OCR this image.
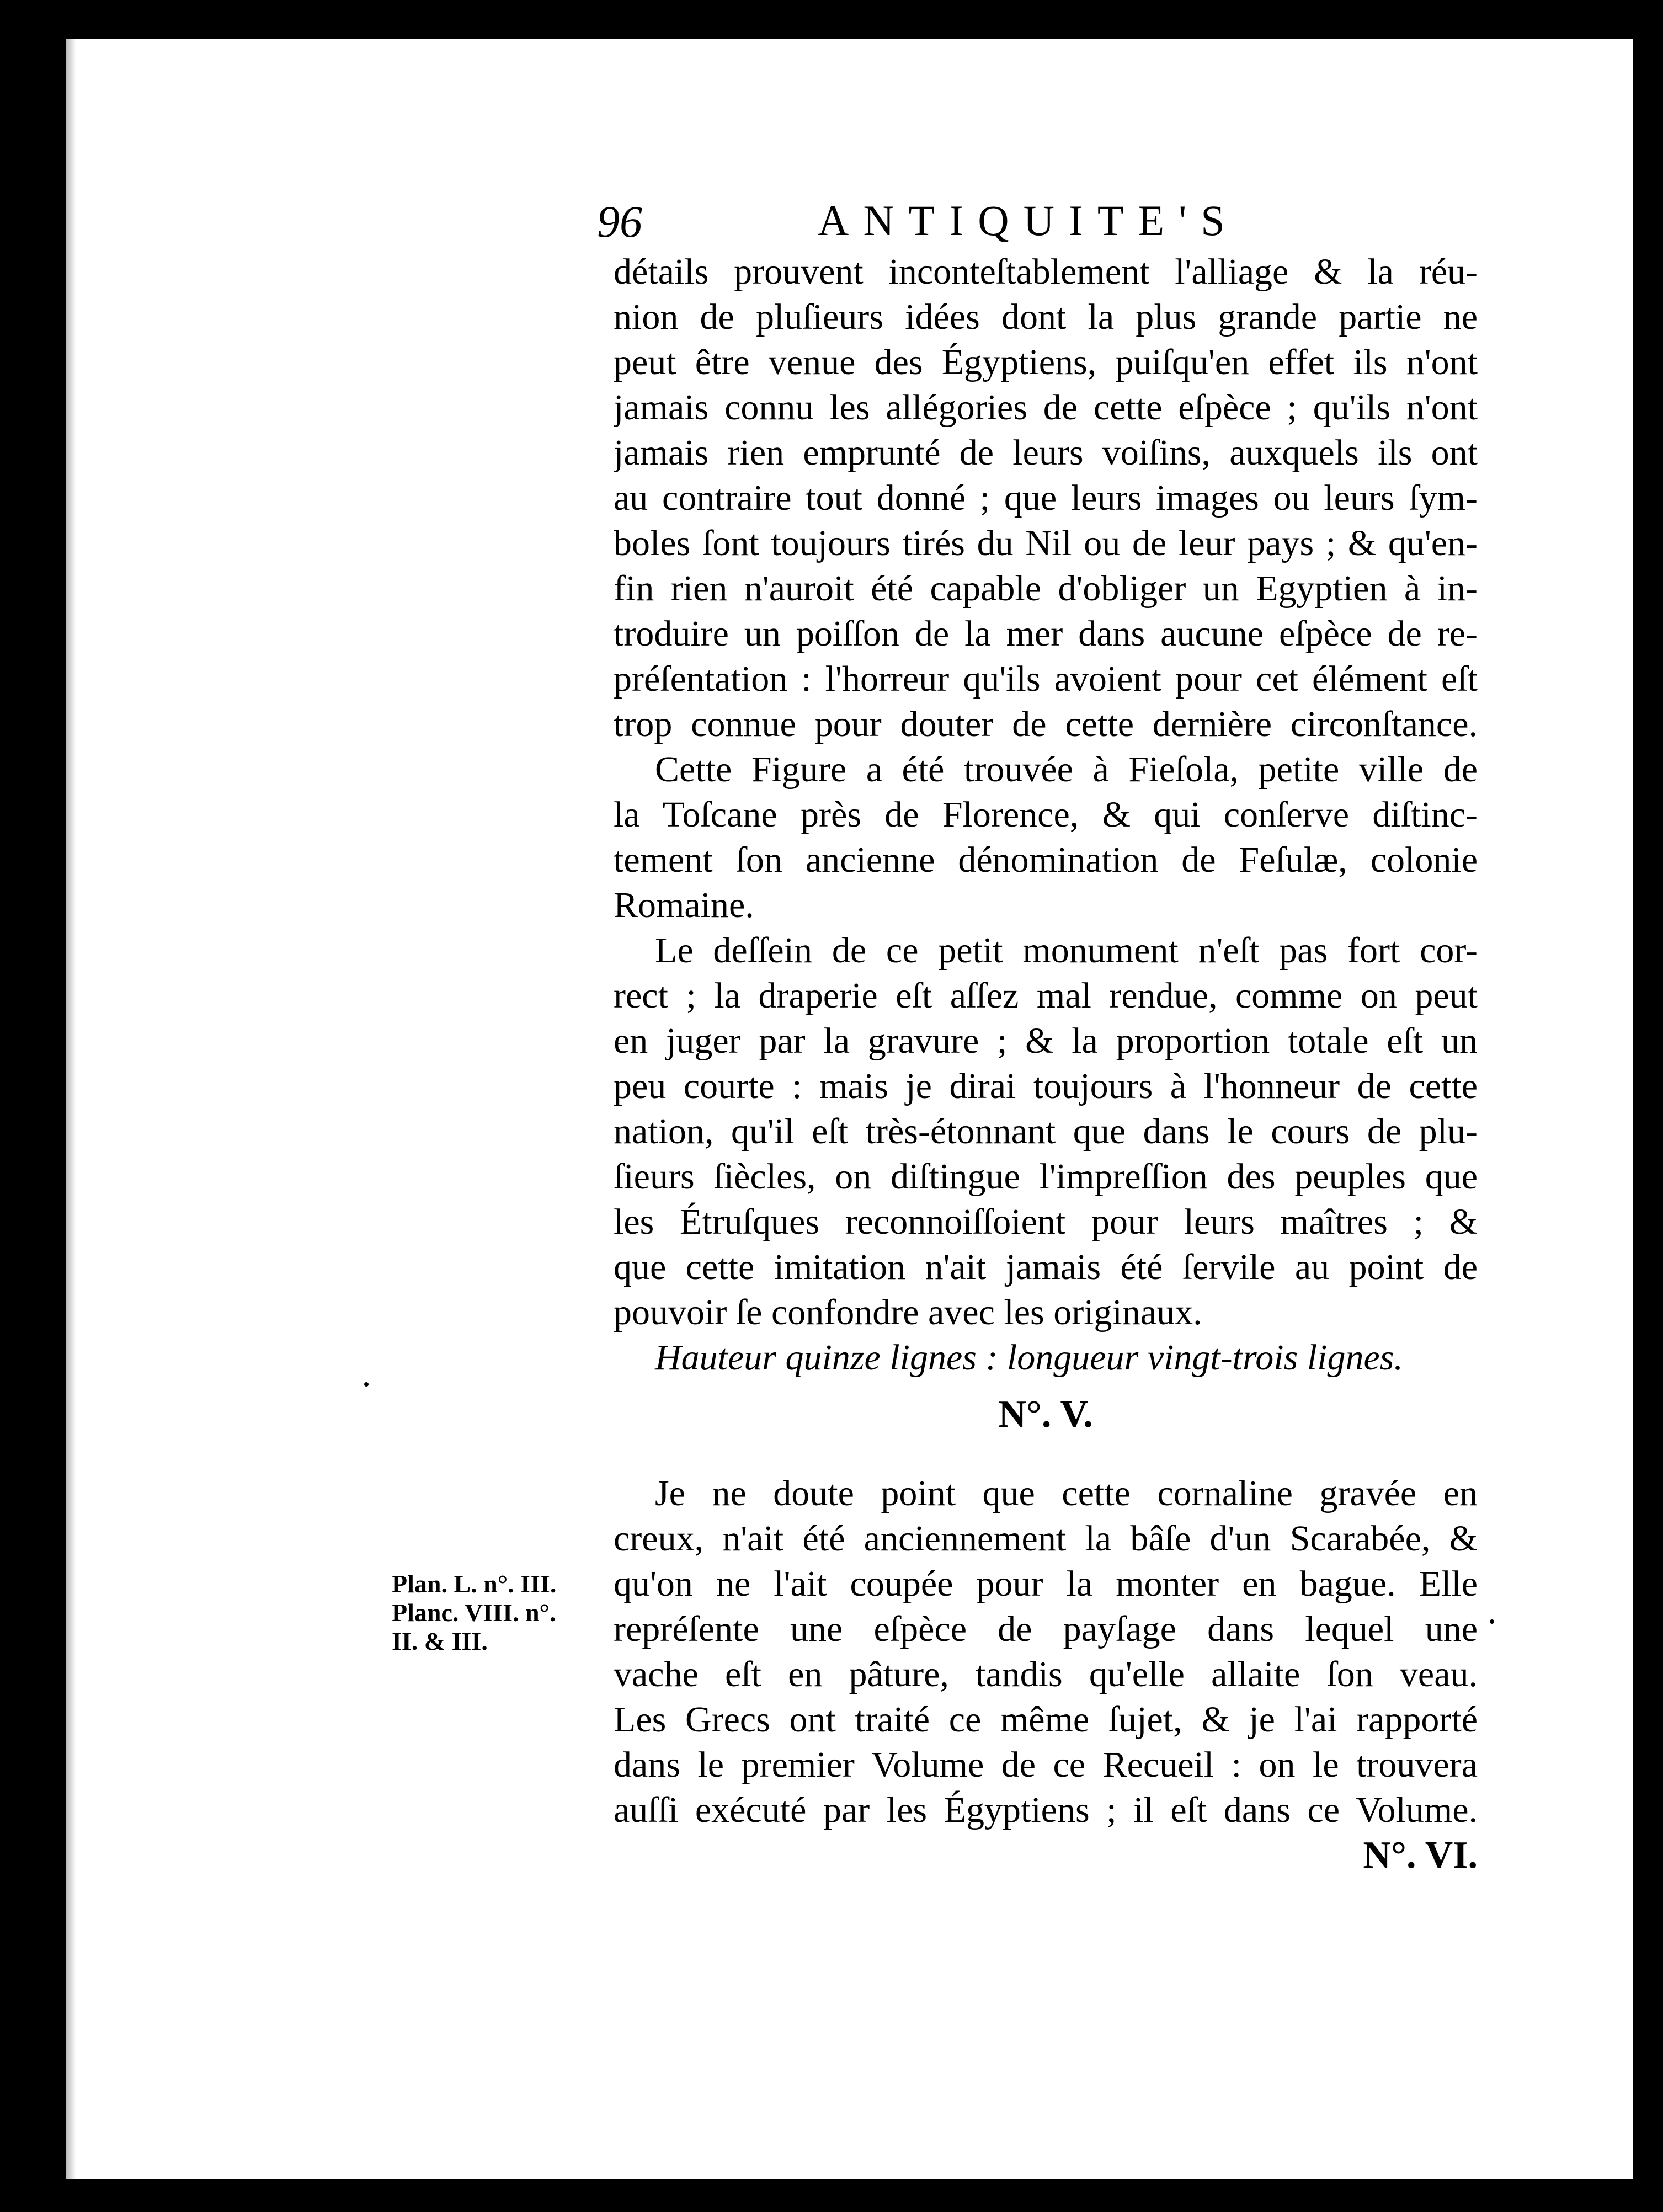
96	ANTIQUITE'S
détails prouvent inconteſtablement l'alliage & la réu-
nion de pluſieurs idées dont la plus grande partie ne
peut être venue des Égyptiens, puiſqu'en effet ils n'ont
jamais connu les allégories de cette eſpèce ; qu'ils n'ont
jamais rien emprunté de leurs voiſins, auxquels ils ont
au contraire tout donné ; que leurs images ou leurs ſym-
boles ſont toujours tirés du Nil ou de leur pays ; & qu'en-
fin rien n'auroit été capable d'obliger un Egyptien à in-
troduire un poiſſon de la mer dans aucune eſpèce de re-
préſentation : l'horreur qu'ils avoient pour cet élément eſt
trop connue pour douter de cette dernière circonſtance.
Cette Figure a été trouvée à Fieſola, petite ville de
la Toſcane près de Florence, & qui conſerve diſtinc-
tement ſon ancienne dénomination de Feſulæ, colonie
Romaine.
Le deſſein de ce petit monument n'eſt pas fort cor-
rect ; la draperie eſt aſſez mal rendue, comme on peut
en juger par la gravure ; & la proportion totale eſt un
peu courte : mais je dirai toujours à l'honneur de cette
nation, qu'il eſt très-étonnant que dans le cours de plu-
ſieurs ſiècles, on diſtingue l'impreſſion des peuples que
les Étruſques reconnoiſſoient pour leurs maîtres ; &
que cette imitation n'ait jamais été ſervile au point de
pouvoir ſe confondre avec les originaux.
Hauteur quinze lignes : longueur vingt-trois lignes.
N°. V.
Je ne doute point que cette cornaline gravée en
creux, n'ait été anciennement la bâſe d'un Scarabée, &
qu'on ne l'ait coupée pour la monter en bague. Elle
repréſente une eſpèce de payſage dans lequel une
vache eſt en pâture, tandis qu'elle allaite ſon veau.
Les Grecs ont traité ce même ſujet, & je l'ai rapporté
dans le premier Volume de ce Recueil : on le trouvera
auſſi exécuté par les Égyptiens ; il eſt dans ce Volume.
N°. VI.
Plan. L. n°. III.
Planc. VIII. n°.
II. & III.
